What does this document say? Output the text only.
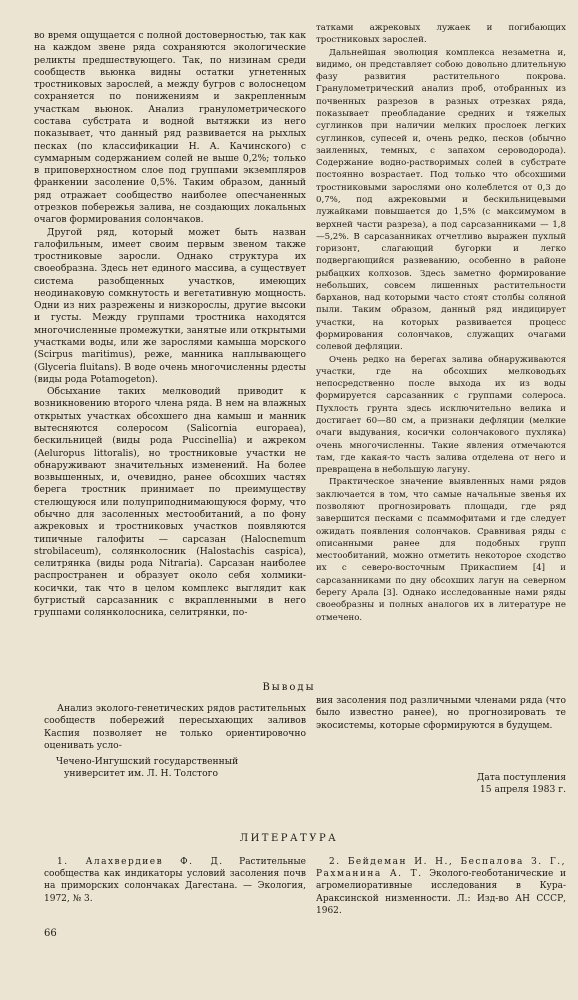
во время ощущается с полной достоверностью, так как на каждом звене ряда сохраняются экологические реликты предшествующего. Так, по низинам среди сообществ вьюнка видны остатки угнетенных тростниковых зарослей, а между бугров с волоснецом сохраняется по понижениям и закрепленным участкам вьюнок. Анализ гранулометрического состава субстрата и водной вытяжки из него показывает, что данный ряд развивается на рыхлых песках (по классификации Н. А. Качинского) с суммарным содержанием солей не выше 0,2%; только в приповерхностном слое под группами экземпляров франкении засоление 0,5%. Таким образом, данный ряд отражает сообщество наиболее опесчаненных отрезков побережья залива, не создающих локальных очагов формирования солончаков.

Другой ряд, который может быть назван галофильным, имеет своим первым звеном также тростниковые заросли. Однако структура их своеобразна. Здесь нет единого массива, а существует система разобщенных участков, имеющих неодинаковую сомкнутость и вегетативную мощность. Одни из них разрежены и низкорослы, другие высоки и густы. Между группами тростника находятся многочисленные промежутки, занятые или открытыми участками воды, или же зарослями камыша морского (Scirpus maritimus), реже, манника наплывающего (Glyceria fluitans). В воде очень многочисленны рдесты (виды рода Potamogeton).

Обсыхание таких мелководий приводит к возникновению второго члена ряда. В нем на влажных открытых участках обсохшего дна камыш и манник вытесняются солеросом (Salicornia europaea), бескильницей (виды рода Puccinellia) и ажреком (Aeluropus littoralis), но тростниковые участки не обнаруживают значительных изменений. На более возвышенных, и, очевидно, ранее обсохших частях берега тростник принимает по преимуществу стелющуюся или полуприподнимающуюся форму, что обычно для засоленных местообитаний, а по фону ажрековых и тростниковых участков появляются типичные галофиты — сарсазан (Halocnemum strobilaceum), солянколосник (Halostachis caspica), селитрянка (виды рода Nitraria). Сарсазан наиболее распространен и образует около себя холмики-косички, так что в целом комплекс выглядит как бугристый сарсазанник с вкрапленными в него группами солянколосника, селитрянки, по-

татками ажрековых лужаек и погибающих тростниковых зарослей.

Дальнейшая эволюция комплекса незаметна и, видимо, он представляет собою довольно длительную фазу развития растительного покрова. Гранулометрический анализ проб, отобранных из почвенных разрезов в разных отрезках ряда, показывает преобладание средних и тяжелых суглинков при наличии мелких прослоек легких суглинков, супесей и, очень редко, песков (обычно заиленных, темных, с запахом сероводорода). Содержание водно-растворимых солей в субстрате постоянно возрастает. Под только что обсохшими тростниковыми зарослями оно колеблется от 0,3 до 0,7%, под ажрековыми и бескильницевыми лужайками повышается до 1,5% (с максимумом в верхней части разреза), а под сарсазанниками — 1,8—5,2%. В сарсазанниках отчетливо выражен пухлый горизонт, слагающий бугорки и легко подвергающийся развеванию, особенно в районе рыбацких колхозов. Здесь заметно формирование небольших, совсем лишенных растительности барханов, над которыми часто стоят столбы соляной пыли. Таким образом, данный ряд индицирует участки, на которых развивается процесс формирования солончаков, служащих очагами солевой дефляции.

Очень редко на берегах залива обнаруживаются участки, где на обсохших мелководьях непосредственно после выхода их из воды формируется сарсазанник с группами солероса. Пухлость грунта здесь исключительно велика и достигает 60—80 см, а признаки дефляции (мелкие очаги выдувания, косички солончакового пухляка) очень многочисленны. Такие явления отмечаются там, где какая-то часть залива отделена от него и превращена в небольшую лагуну.

Практическое значение выявленных нами рядов заключается в том, что самые начальные звенья их позволяют прогнозировать площади, где ряд завершится песками с псаммофитами и где следует ожидать появления солончаков. Сравнивая ряды с описанными ранее для подобных групп местообитаний, можно отметить некоторое сходство их с северо-восточным Прикаспием [4] и сарсазанниками по дну обсохших лагун на северном берегу Арала [3]. Однако исследованные нами ряды своеобразны и полных аналогов их в литературе не отмечено.

Выводы

Анализ эколого-генетических рядов растительных сообществ побережий пересыхающих заливов Каспия позволяет не только ориентировочно оценивать усло-

вия засоления под различными членами ряда (что было известно ранее), но прогнозировать те экосистемы, которые сформируются в будущем.

Чечено-Ингушский государственный
университет им. Л. Н. Толстого	Дата поступления
15 апреля 1983 г.
ЛИТЕРАТУРА

1. Алахвердиев Ф. Д. Растительные сообщества как индикаторы условий засоления почв на приморских солончаках Дагестана. — Экология, 1972, № 3.

2. Бейдеман И. Н., Беспалова З. Г., Рахманина А. Т. Эколого-геоботанические и агромелиоративные исследования в Кура-Араксинской низменности. Л.: Изд-во АН СССР, 1962.

66
